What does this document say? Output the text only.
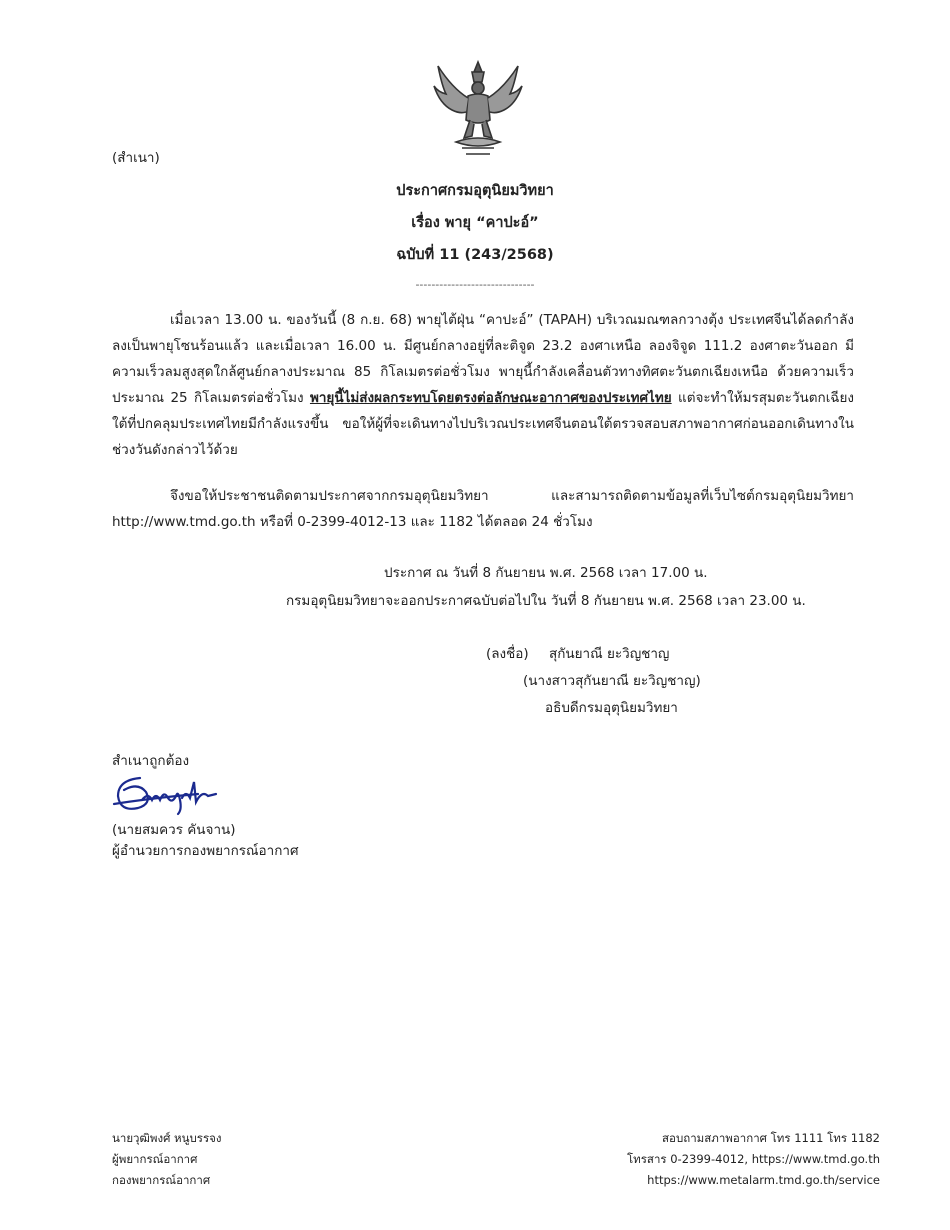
(สำเนา)
ประกาศกรมอุตุนิยมวิทยา
เรื่อง พายุ “คาปะอ์”
ฉบับที่ 11 (243/2568)
------------------------------
เมื่อเวลา 13.00 น. ของวันนี้ (8 ก.ย. 68) พายุไต้ฝุ่น “คาปะอ์” (TAPAH) บริเวณมณฑลกวางตุ้ง ประเทศจีนได้ลดกำลังลงเป็นพายุโซนร้อนแล้ว และเมื่อเวลา 16.00 น. มีศูนย์กลางอยู่ที่ละติจูด 23.2 องศาเหนือ ลองจิจูด 111.2 องศาตะวันออก มีความเร็วลมสูงสุดใกล้ศูนย์กลางประมาณ 85 กิโลเมตรต่อชั่วโมง พายุนี้กำลังเคลื่อนตัวทางทิศตะวันตกเฉียงเหนือ ด้วยความเร็วประมาณ 25 กิโลเมตรต่อชั่วโมง พายุนี้ไม่ส่งผลกระทบโดยตรงต่อลักษณะอากาศของประเทศไทย แต่จะทำให้มรสุมตะวันตกเฉียงใต้ที่ปกคลุมประเทศไทยมีกำลังแรงขึ้น ขอให้ผู้ที่จะเดินทางไปบริเวณประเทศจีนตอนใต้ตรวจสอบสภาพอากาศก่อนออกเดินทางในช่วงวันดังกล่าวไว้ด้วย
จึงขอให้ประชาชนติดตามประกาศจากกรมอุตุนิยมวิทยา และสามารถติดตามข้อมูลที่เว็บไซต์กรมอุตุนิยมวิทยา http://www.tmd.go.th หรือที่ 0-2399-4012-13 และ 1182 ได้ตลอด 24 ชั่วโมง
ประกาศ ณ วันที่ 8 กันยายน พ.ศ. 2568 เวลา 17.00 น.
กรมอุตุนิยมวิทยาจะออกประกาศฉบับต่อไปใน วันที่ 8 กันยายน พ.ศ. 2568 เวลา 23.00 น.
(ลงชื่อ) สุกันยาณี ยะวิญชาญ
(นางสาวสุกันยาณี ยะวิญชาญ)
อธิบดีกรมอุตุนิยมวิทยา
สำเนาถูกต้อง
(นายสมควร คันจาน)
ผู้อำนวยการกองพยากรณ์อากาศ
นายวุฒิพงศ์ หนูบรรจง
ผู้พยากรณ์อากาศ
กองพยากรณ์อากาศ
สอบถามสภาพอากาศ โทร 1111 โทร 1182
โทรสาร 0-2399-4012, https://www.tmd.go.th
https://www.metalarm.tmd.go.th/service
